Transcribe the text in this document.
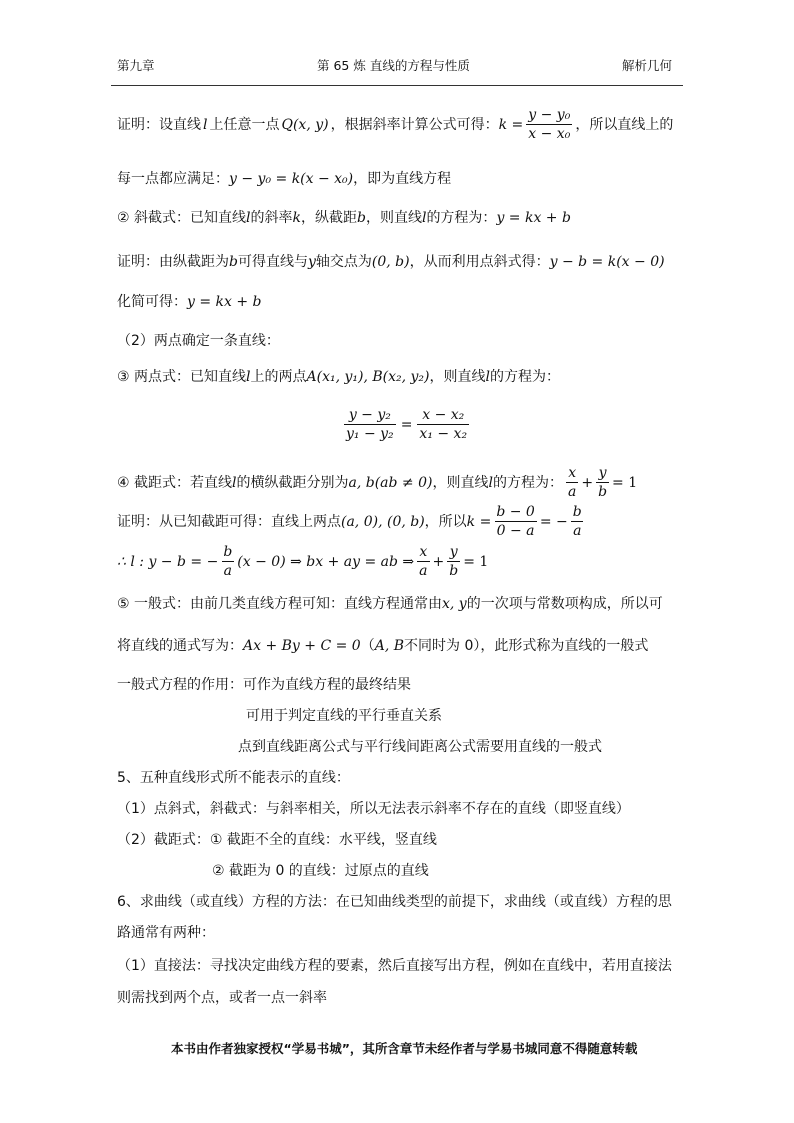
第九章	第 65 炼 直线的方程与性质	解析几何
证明：设直线 l 上任意一点 Q(x, y) ，根据斜率计算公式可得： $k = \frac{\text{y − y₀}}{\text{x − x₀}}$ ，所以直线上的
每一点都应满足：y − y₀ = k(x − x₀)，即为直线方程
② 斜截式：已知直线l的斜率k，纵截距b，则直线l的方程为：y = kx + b
证明：由纵截距为b可得直线与y轴交点为(0, b)，从而利用点斜式得：y − b = k(x − 0)
化简可得：y = kx + b
（2）两点确定一条直线：
③ 两点式：已知直线l上的两点A(x₁, y₁), B(x₂, y₂)，则直线l的方程为：
$\frac{\text{y − y₂}}{\text{y₁ − y₂}} = \frac{\text{x − x₂}}{\text{x₁ − x₂}}$
④ 截距式：若直线 l 的横纵截距分别为 a, b(ab ≠ 0) ，则直线 l 的方程为： $\frac{x}{a} + \frac{y}{b} = 1$
证明：从已知截距可得：直线上两点 (a, 0), (0, b) ，所以 $k = \frac{b - 0}{0 - a}$ = − $\frac{b}{a}$
∴ l : y − b = − $\frac{b}{a} (x - 0)$ ⇒ bx + ay = ab ⇒ $\frac{x}{a} + \frac{y}{b} = 1$
⑤ 一般式：由前几类直线方程可知：直线方程通常由x, y的一次项与常数项构成，所以可
将直线的通式写为：Ax + By + C = 0（A, B不同时为 0），此形式称为直线的一般式
一般式方程的作用：可作为直线方程的最终结果
可用于判定直线的平行垂直关系
点到直线距离公式与平行线间距离公式需要用直线的一般式
5、五种直线形式所不能表示的直线：
（1）点斜式，斜截式：与斜率相关，所以无法表示斜率不存在的直线（即竖直线）
（2）截距式：① 截距不全的直线：水平线，竖直线
② 截距为 0 的直线：过原点的直线
6、求曲线（或直线）方程的方法：在已知曲线类型的前提下，求曲线（或直线）方程的思
路通常有两种：
（1）直接法：寻找决定曲线方程的要素，然后直接写出方程，例如在直线中，若用直接法
则需找到两个点，或者一点一斜率
本书由作者独家授权“学易书城”，其所含章节未经作者与学易书城同意不得随意转载
